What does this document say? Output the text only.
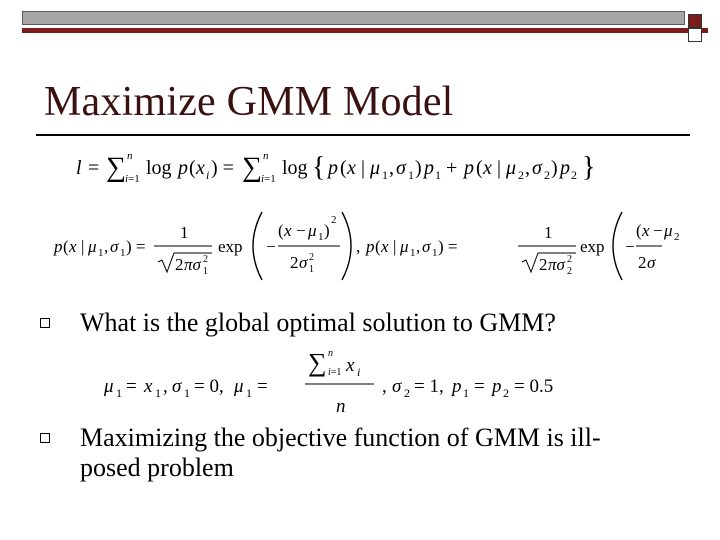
Maximize GMM Model
l = ∑ n
i=1 log p ( x i ) = ∑ n
i=1 log { p ( x | μ 1 , σ 1 ) p 1 + p ( x | μ 2 , σ 2 ) p 2 }
p ( x | μ 1 , σ 1 ) =
1
2 πσ 2
1
exp −
( x − μ 1 )
2
2 σ 2
1
, p ( x | μ 1 , σ 1 ) =
1
2 πσ 2
2
exp −
( x − μ 2
2 σ
What is the global optimal solution to GMM?
μ 1 = x 1 , σ 1 = 0, μ 1 =
∑ n
i=1 x i
n
, σ 2 = 1, p 1 = p 2 = 0.5
Maximizing the objective function of GMM is ill-
posed problem
